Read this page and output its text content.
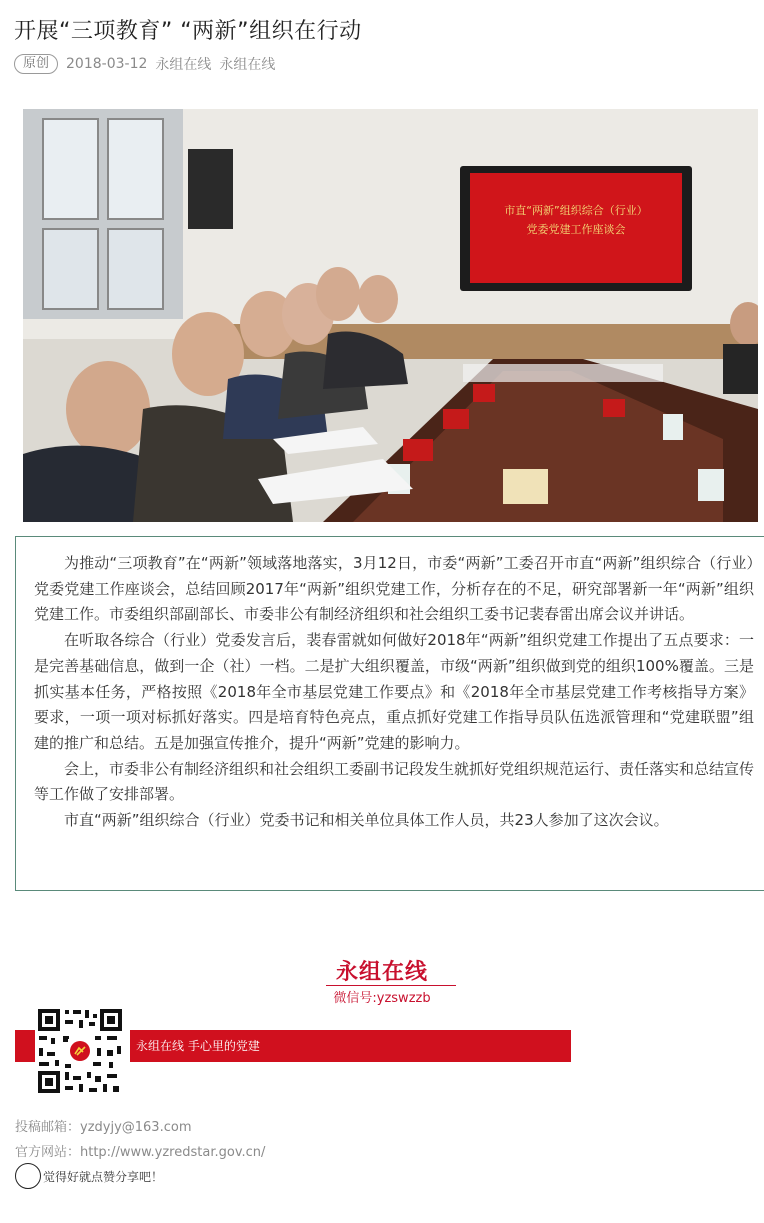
开展“三项教育” “两新”组织在行动
原创	2018-03-12 永组在线 永组在线
市直“两新”组织综合（行业）
党委党建工作座谈会

为推动“三项教育”在“两新”领域落地落实，3月12日，市委“两新”工委召开市直“两新”组织综合（行业）党委党建工作座谈会，总结回顾2017年“两新”组织党建工作，分析存在的不足，研究部署新一年“两新”组织党建工作。市委组织部副部长、市委非公有制经济组织和社会组织工委书记裴春雷出席会议并讲话。

在听取各综合（行业）党委发言后，裴春雷就如何做好2018年“两新”组织党建工作提出了五点要求：一是完善基础信息，做到一企（社）一档。二是扩大组织覆盖，市级“两新”组织做到党的组织100%覆盖。三是抓实基本任务，严格按照《2018年全市基层党建工作要点》和《2018年全市基层党建工作考核指导方案》要求，一项一项对标抓好落实。四是培育特色亮点，重点抓好党建工作指导员队伍选派管理和“党建联盟”组建的推广和总结。五是加强宣传推介，提升“两新”党建的影响力。

会上，市委非公有制经济组织和社会组织工委副书记段发生就抓好党组织规范运行、责任落实和总结宣传等工作做了安排部署。

市直“两新”组织综合（行业）党委书记和相关单位具体工作人员，共23人参加了这次会议。

永组在线
微信号:yzswzzb
永组在线 手心里的党建
投稿邮箱：yzdyjy@163.com
官方网站：http://www.yzredstar.gov.cn/
觉得好就点赞分享吧！
